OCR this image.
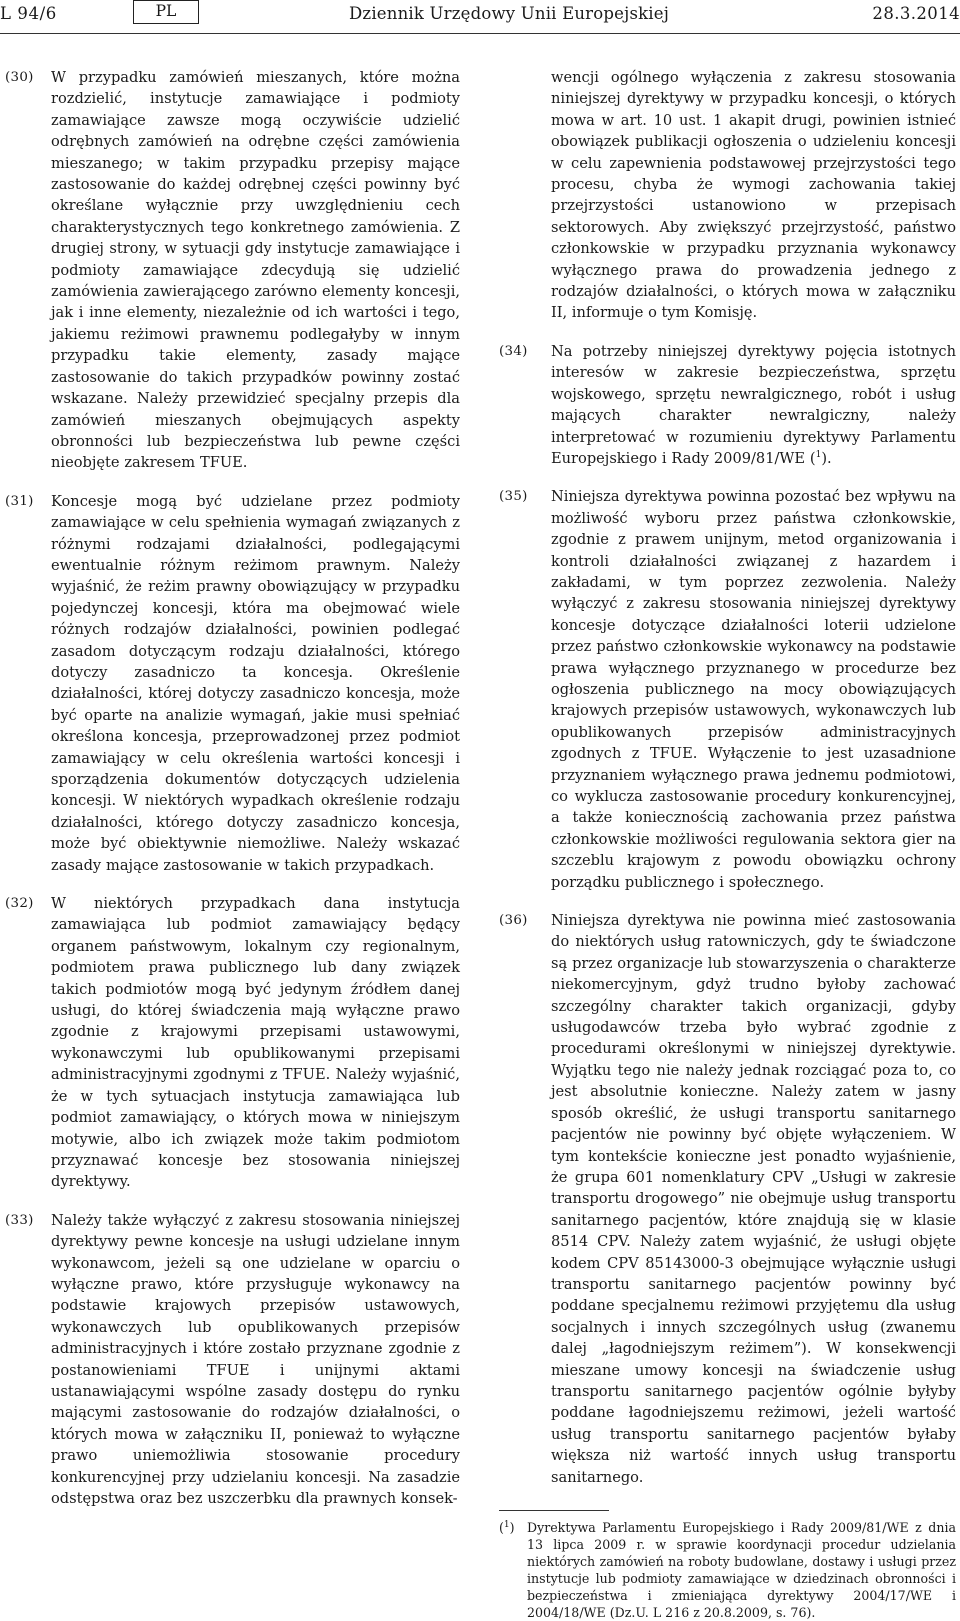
L 94/6	PL	Dziennik Urzędowy Unii Europejskiej	28.3.2014
(30) W przypadku zamówień mieszanych, które można rozdzielić, instytucje zamawiające i podmioty zamawiające zawsze mogą oczywiście udzielić odrębnych zamówień na odrębne części zamówienia mieszanego; w takim przypadku przepisy mające zastosowanie do każdej odrębnej części powinny być określane wyłącznie przy uwzględnieniu cech charakterystycznych tego konkretnego zamówienia. Z drugiej strony, w sytuacji gdy instytucje zamawiające i podmioty zamawiające zdecydują się udzielić zamówienia zawierającego zarówno elementy koncesji, jak i inne elementy, niezależnie od ich wartości i tego, jakiemu reżimowi prawnemu podlegałyby w innym przypadku takie elementy, zasady mające zastosowanie do takich przypadków powinny zostać wskazane. Należy przewidzieć specjalny przepis dla zamówień mieszanych obejmujących aspekty obronności lub bezpieczeństwa lub pewne części nieobjęte zakresem TFUE.
(31) Koncesje mogą być udzielane przez podmioty zamawiające w celu spełnienia wymagań związanych z różnymi rodzajami działalności, podlegającymi ewentualnie różnym reżimom prawnym. Należy wyjaśnić, że reżim prawny obowiązujący w przypadku pojedynczej koncesji, która ma obejmować wiele różnych rodzajów działalności, powinien podlegać zasadom dotyczącym rodzaju działalności, którego dotyczy zasadniczo ta koncesja. Określenie działalności, której dotyczy zasadniczo koncesja, może być oparte na analizie wymagań, jakie musi spełniać określona koncesja, przeprowadzonej przez podmiot zamawiający w celu określenia wartości koncesji i sporządzenia dokumentów dotyczących udzielenia koncesji. W niektórych wypadkach określenie rodzaju działalności, którego dotyczy zasadniczo koncesja, może być obiektywnie niemożliwe. Należy wskazać zasady mające zastosowanie w takich przypadkach.
(32) W niektórych przypadkach dana instytucja zamawiająca lub podmiot zamawiający będący organem państwowym, lokalnym czy regionalnym, podmiotem prawa publicznego lub dany związek takich podmiotów mogą być jedynym źródłem danej usługi, do której świadczenia mają wyłączne prawo zgodnie z krajowymi przepisami ustawowymi, wykonawczymi lub opublikowanymi przepisami administracyjnymi zgodnymi z TFUE. Należy wyjaśnić, że w tych sytuacjach instytucja zamawiająca lub podmiot zamawiający, o których mowa w niniejszym motywie, albo ich związek może takim podmiotom przyznawać koncesje bez stosowania niniejszej dyrektywy.
(33) Należy także wyłączyć z zakresu stosowania niniejszej dyrektywy pewne koncesje na usługi udzielane innym wykonawcom, jeżeli są one udzielane w oparciu o wyłączne prawo, które przysługuje wykonawcy na podstawie krajowych przepisów ustawowych, wykonawczych lub opublikowanych przepisów administracyjnych i które zostało przyznane zgodnie z postanowieniami TFUE i unijnymi aktami ustanawiającymi wspólne zasady dostępu do rynku mającymi zastosowanie do rodzajów działalności, o których mowa w załączniku II, ponieważ to wyłączne prawo uniemożliwia stosowanie procedury konkurencyjnej przy udzielaniu koncesji. Na zasadzie odstępstwa oraz bez uszczerbku dla prawnych konsek-
wencji ogólnego wyłączenia z zakresu stosowania niniejszej dyrektywy w przypadku koncesji, o których mowa w art. 10 ust. 1 akapit drugi, powinien istnieć obowiązek publikacji ogłoszenia o udzieleniu koncesji w celu zapewnienia podstawowej przejrzystości tego procesu, chyba że wymogi zachowania takiej przejrzystości ustanowiono w przepisach sektorowych. Aby zwiększyć przejrzystość, państwo członkowskie w przypadku przyznania wykonawcy wyłącznego prawa do prowadzenia jednego z rodzajów działalności, o których mowa w załączniku II, informuje o tym Komisję.
(34) Na potrzeby niniejszej dyrektywy pojęcia istotnych interesów w zakresie bezpieczeństwa, sprzętu wojskowego, sprzętu newralgicznego, robót i usług mających charakter newralgiczny, należy interpretować w rozumieniu dyrektywy Parlamentu Europejskiego i Rady 2009/81/WE ($^1$).
(35) Niniejsza dyrektywa powinna pozostać bez wpływu na możliwość wyboru przez państwa członkowskie, zgodnie z prawem unijnym, metod organizowania i kontroli działalności związanej z hazardem i zakładami, w tym poprzez zezwolenia. Należy wyłączyć z zakresu stosowania niniejszej dyrektywy koncesje dotyczące działalności loterii udzielone przez państwo członkowskie wykonawcy na podstawie prawa wyłącznego przyznanego w procedurze bez ogłoszenia publicznego na mocy obowiązujących krajowych przepisów ustawowych, wykonawczych lub opublikowanych przepisów administracyjnych zgodnych z TFUE. Wyłączenie to jest uzasadnione przyznaniem wyłącznego prawa jednemu podmiotowi, co wyklucza zastosowanie procedury konkurencyjnej, a także koniecznością zachowania przez państwa członkowskie możliwości regulowania sektora gier na szczeblu krajowym z powodu obowiązku ochrony porządku publicznego i społecznego.
(36) Niniejsza dyrektywa nie powinna mieć zastosowania do niektórych usług ratowniczych, gdy te świadczone są przez organizacje lub stowarzyszenia o charakterze niekomercyjnym, gdyż trudno byłoby zachować szczególny charakter takich organizacji, gdyby usługodawców trzeba było wybrać zgodnie z procedurami określonymi w niniejszej dyrektywie. Wyjątku tego nie należy jednak rozciągać poza to, co jest absolutnie konieczne. Należy zatem w jasny sposób określić, że usługi transportu sanitarnego pacjentów nie powinny być objęte wyłączeniem. W tym kontekście konieczne jest ponadto wyjaśnienie, że grupa 601 nomenklatury CPV „Usługi w zakresie transportu drogowego” nie obejmuje usług transportu sanitarnego pacjentów, które znajdują się w klasie 8514 CPV. Należy zatem wyjaśnić, że usługi objęte kodem CPV 85143000-3 obejmujące wyłącznie usługi transportu sanitarnego pacjentów powinny być poddane specjalnemu reżimowi przyjętemu dla usług socjalnych i innych szczególnych usług (zwanemu dalej „łagodniejszym reżimem”). W konsekwencji mieszane umowy koncesji na świadczenie usług transportu sanitarnego pacjentów ogólnie byłyby poddane łagodniejszemu reżimowi, jeżeli wartość usług transportu sanitarnego pacjentów byłaby większa niż wartość innych usług transportu sanitarnego.
($^1$) Dyrektywa Parlamentu Europejskiego i Rady 2009/81/WE z dnia 13 lipca 2009 r. w sprawie koordynacji procedur udzielania niektórych zamówień na roboty budowlane, dostawy i usługi przez instytucje lub podmioty zamawiające w dziedzinach obronności i bezpieczeństwa i zmieniająca dyrektywy 2004/17/WE i 2004/18/WE (Dz.U. L 216 z 20.8.2009, s. 76).
